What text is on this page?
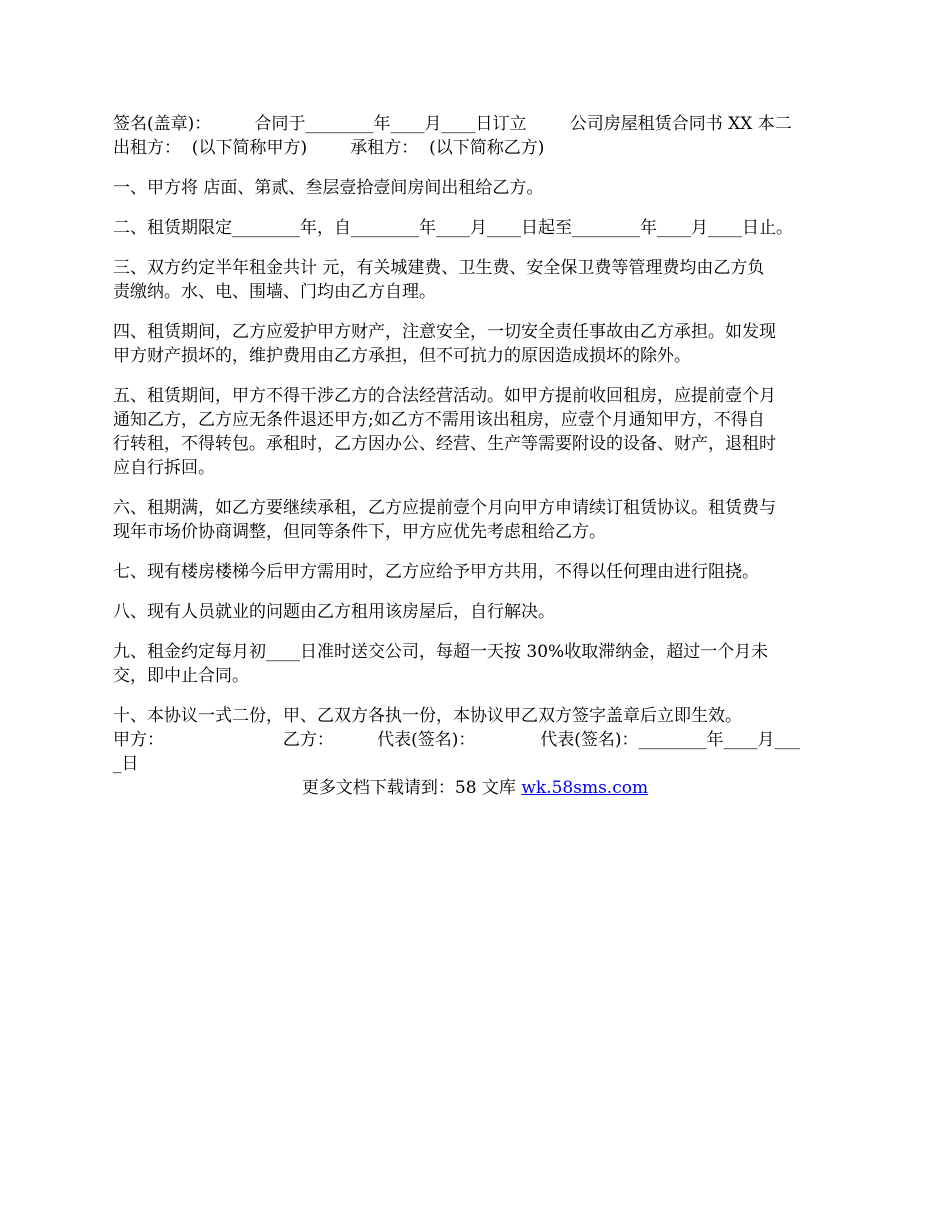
签名(盖章)：        合同于________年____月____日订立        公司房屋租赁合同书 XX 本二

出租方：  (以下简称甲方)        承租方：  (以下简称乙方)

一、甲方将 店面、第贰、叁层壹拾壹间房间出租给乙方。

二、租赁期限定________年，自________年____月____日起至________年____月____日止。

三、双方约定半年租金共计 元，有关城建费、卫生费、安全保卫费等管理费均由乙方负

责缴纳。水、电、围墙、门均由乙方自理。

四、租赁期间，乙方应爱护甲方财产，注意安全，一切安全责任事故由乙方承担。如发现

甲方财产损坏的，维护费用由乙方承担，但不可抗力的原因造成损坏的除外。

五、租赁期间，甲方不得干涉乙方的合法经营活动。如甲方提前收回租房，应提前壹个月

通知乙方，乙方应无条件退还甲方;如乙方不需用该出租房，应壹个月通知甲方，不得自

行转租，不得转包。承租时，乙方因办公、经营、生产等需要附设的设备、财产，退租时

应自行拆回。

六、租期满，如乙方要继续承租，乙方应提前壹个月向甲方申请续订租赁协议。租赁费与

现年市场价协商调整，但同等条件下，甲方应优先考虑租给乙方。

七、现有楼房楼梯今后甲方需用时，乙方应给予甲方共用，不得以任何理由进行阻挠。

八、现有人员就业的问题由乙方租用该房屋后，自行解决。

九、租金约定每月初____日准时送交公司，每超一天按 30%收取滞纳金，超过一个月未

交，即中止合同。

十、本协议一式二份，甲、乙双方各执一份，本协议甲乙双方签字盖章后立即生效。

甲方：                      乙方：        代表(签名)：            代表(签名)：________年____月___

_日

更多文档下载请到：58 文库 wk.58sms.com
